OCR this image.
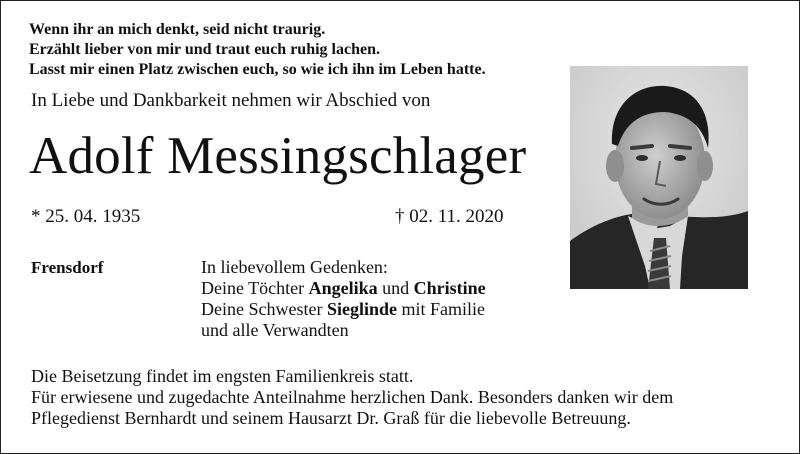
Wenn ihr an mich denkt, seid nicht traurig.
Erzählt lieber von mir und traut euch ruhig lachen.
Lasst mir einen Platz zwischen euch, so wie ich ihn im Leben hatte.
In Liebe und Dankbarkeit nehmen wir Abschied von
Adolf Messingschlager
* 25. 04. 1935	† 02. 11. 2020
Frensdorf	In liebevollem Gedenken:
Deine Töchter Angelika und Christine
Deine Schwester Sieglinde mit Familie
und alle Verwandten
Die Beisetzung findet im engsten Familienkreis statt.
Für erwiesene und zugedachte Anteilnahme herzlichen Dank. Besonders danken wir dem
Pflegedienst Bernhardt und seinem Hausarzt Dr. Graß für die liebevolle Betreuung.
